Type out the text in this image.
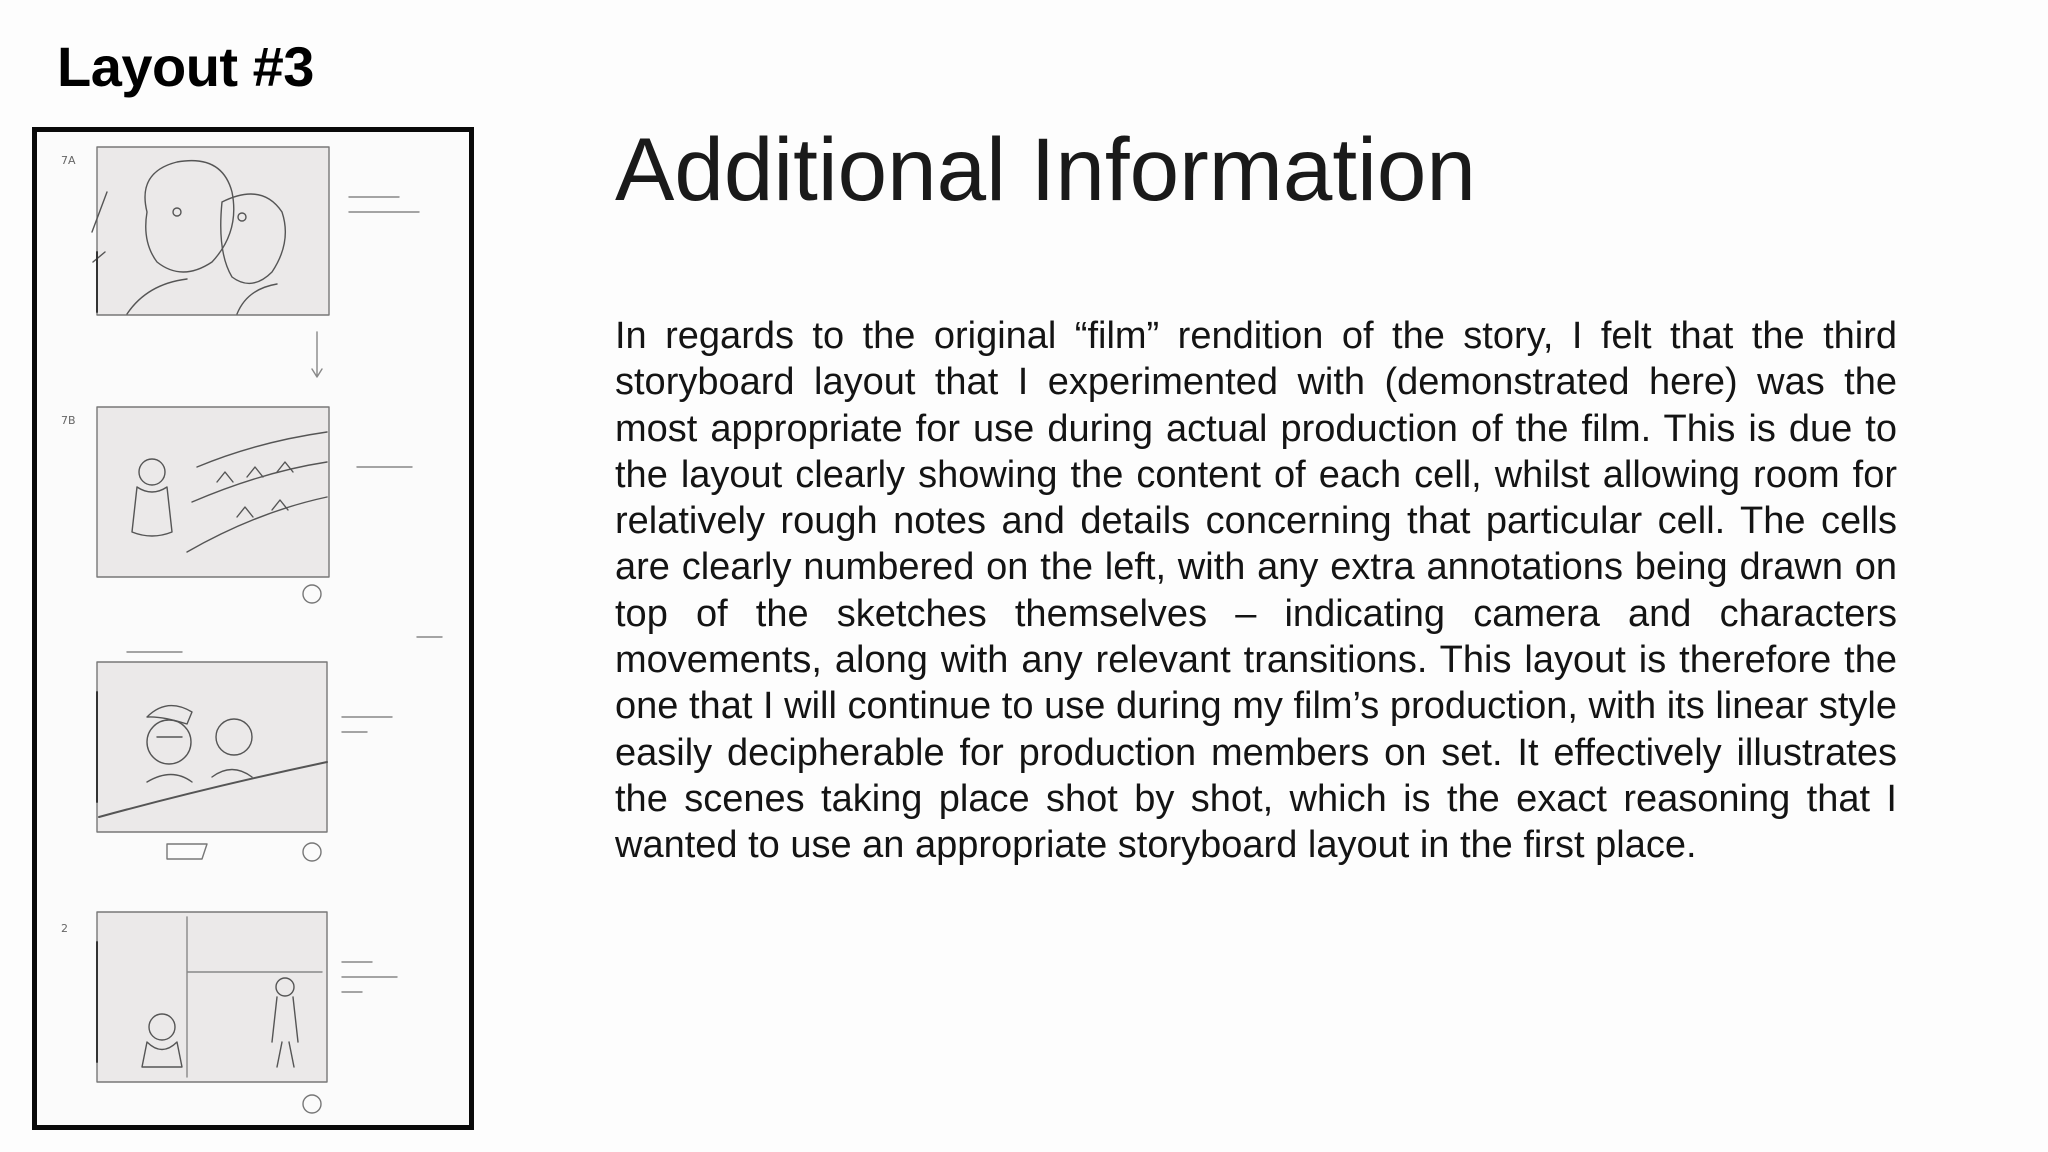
Layout #3
7A
7B
2
Additional Information

In regards to the original “film” rendition of the story, I felt that the third storyboard layout that I experimented with (demonstrated here) was the most appropriate for use during actual production of the film. This is due to the layout clearly showing the content of each cell, whilst allowing room for relatively rough notes and details concerning that particular cell. The cells are clearly numbered on the left, with any extra annotations being drawn on top of the sketches themselves – indicating camera and characters movements, along with any relevant transitions. This layout is therefore the one that I will continue to use during my film’s production, with its linear style easily decipherable for production members on set. It effectively illustrates the scenes taking place shot by shot, which is the exact reasoning that I wanted to use an appropriate storyboard layout in the first place.
